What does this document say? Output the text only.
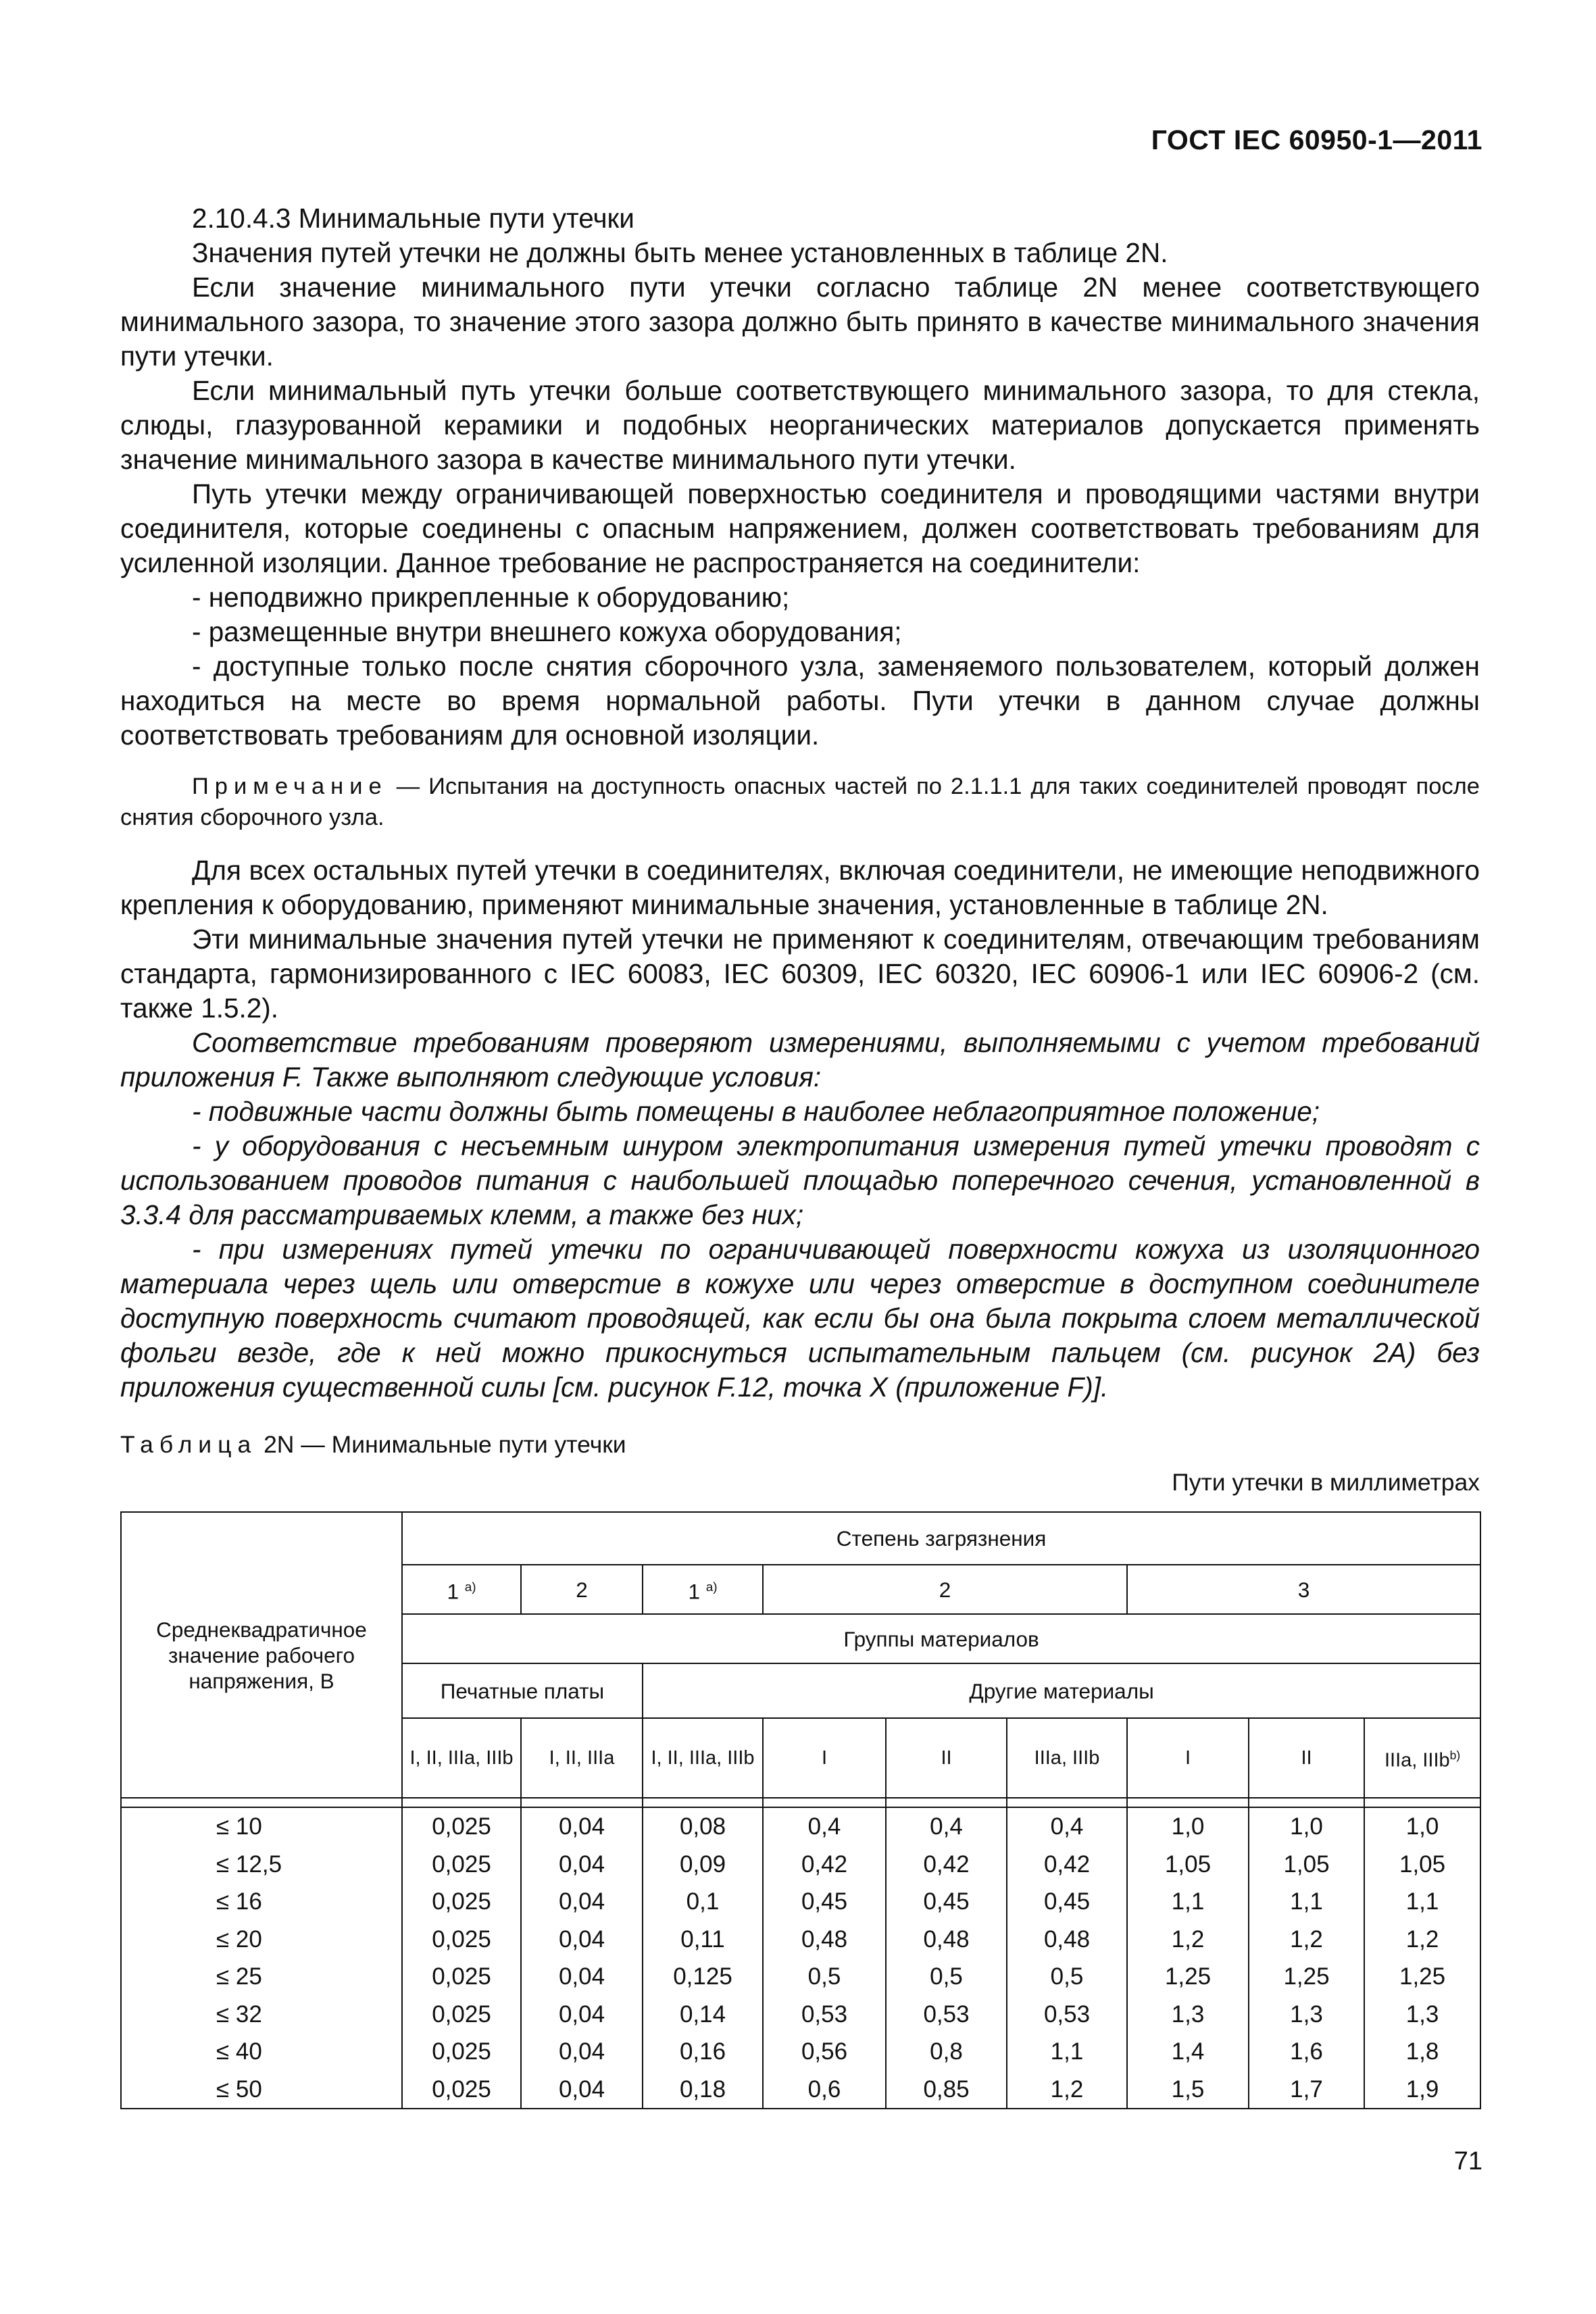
ГОСТ IEC 60950-1—2011

2.10.4.3 Минимальные пути утечки

Значения путей утечки не должны быть менее установленных в таблице 2N.

Если значение минимального пути утечки согласно таблице 2N менее соответствующего минимального зазора, то значение этого зазора должно быть принято в качестве минимального значения пути утечки.

Если минимальный путь утечки больше соответствующего минимального зазора, то для стекла, слюды, глазурованной керамики и подобных неорганических материалов допускается применять значение минимального зазора в качестве минимального пути утечки.

Путь утечки между ограничивающей поверхностью соединителя и проводящими частями внутри соединителя, которые соединены с опасным напряжением, должен соответствовать требованиям для усиленной изоляции. Данное требование не распространяется на соединители:

- неподвижно прикрепленные к оборудованию;

- размещенные внутри внешнего кожуха оборудования;

- доступные только после снятия сборочного узла, заменяемого пользователем, который должен находиться на месте во время нормальной работы. Пути утечки в данном случае должны соответствовать требованиям для основной изоляции.

Примечание — Испытания на доступность опасных частей по 2.1.1.1 для таких соединителей проводят после снятия сборочного узла.

Для всех остальных путей утечки в соединителях, включая соединители, не имеющие неподвижного крепления к оборудованию, применяют минимальные значения, установленные в таблице 2N.

Эти минимальные значения путей утечки не применяют к соединителям, отвечающим требованиям стандарта, гармонизированного с IEC 60083, IEC 60309, IEC 60320, IEC 60906-1 или IEC 60906-2 (см. также 1.5.2).

Соответствие требованиям проверяют измерениями, выполняемыми с учетом требований приложения F. Также выполняют следующие условия:

- подвижные части должны быть помещены в наиболее неблагоприятное положение;

- у оборудования с несъемным шнуром электропитания измерения путей утечки проводят с использованием проводов питания с наибольшей площадью поперечного сечения, установленной в 3.3.4 для рассматриваемых клемм, а также без них;

- при измерениях путей утечки по ограничивающей поверхности кожуха из изоляционного материала через щель или отверстие в кожухе или через отверстие в доступном соединителе доступную поверхность считают проводящей, как если бы она была покрыта слоем металлической фольги везде, где к ней можно прикоснуться испытательным пальцем (см. рисунок 2А) без приложения существенной силы [см. рисунок F.12, точка Х (приложение F)].

Таблица 2N — Минимальные пути утечки
Пути утечки в миллиметрах
Среднеквадратичное значение рабочего напряжения, В	Степень загрязнения								
	1 $^{a)}$	2	1 $^{a)}$	2			3		
	Группы материалов								
	Печатные платы		Другие материалы						
	I, II, IIIa, IIIb	I, II, IIIa	I, II, IIIa, IIIb	I	II	IIIa, IIIb	I	II	IIIa, IIIb$^{b)}$

≤ 10	0,025	0,04	0,08	0,4	0,4	0,4	1,0	1,0	1,0
≤ 12,5	0,025	0,04	0,09	0,42	0,42	0,42	1,05	1,05	1,05
≤ 16	0,025	0,04	0,1	0,45	0,45	0,45	1,1	1,1	1,1
≤ 20	0,025	0,04	0,11	0,48	0,48	0,48	1,2	1,2	1,2
≤ 25	0,025	0,04	0,125	0,5	0,5	0,5	1,25	1,25	1,25
≤ 32	0,025	0,04	0,14	0,53	0,53	0,53	1,3	1,3	1,3
≤ 40	0,025	0,04	0,16	0,56	0,8	1,1	1,4	1,6	1,8
≤ 50	0,025	0,04	0,18	0,6	0,85	1,2	1,5	1,7	1,9
71
